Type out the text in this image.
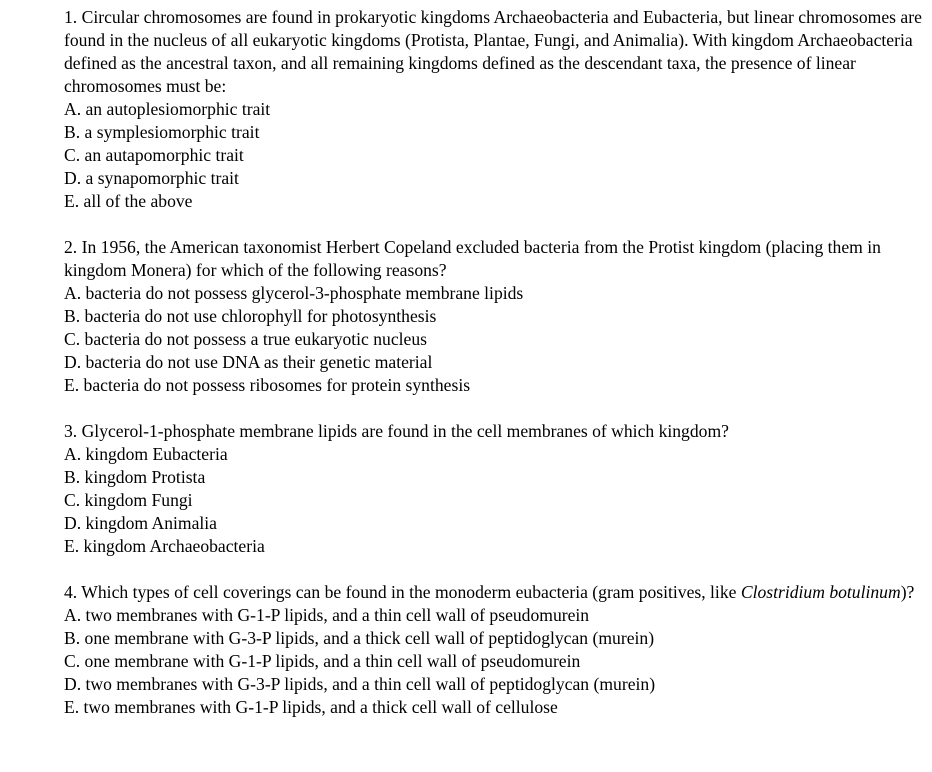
1. Circular chromosomes are found in prokaryotic kingdoms Archaeobacteria and Eubacteria, but linear chromosomes are found in the nucleus of all eukaryotic kingdoms (Protista, Plantae, Fungi, and Animalia). With kingdom Archaeobacteria defined as the ancestral taxon, and all remaining kingdoms defined as the descendant taxa, the presence of linear chromosomes must be:

A. an autoplesiomorphic trait
B. a symplesiomorphic trait
C. an autapomorphic trait
D. a synapomorphic trait
E. all of the above

2. In 1956, the American taxonomist Herbert Copeland excluded bacteria from the Protist kingdom (placing them in kingdom Monera) for which of the following reasons?

A. bacteria do not possess glycerol-3-phosphate membrane lipids
B. bacteria do not use chlorophyll for photosynthesis
C. bacteria do not possess a true eukaryotic nucleus
D. bacteria do not use DNA as their genetic material
E. bacteria do not possess ribosomes for protein synthesis

3. Glycerol-1-phosphate membrane lipids are found in the cell membranes of which kingdom?

A. kingdom Eubacteria
B. kingdom Protista
C. kingdom Fungi
D. kingdom Animalia
E. kingdom Archaeobacteria

4. Which types of cell coverings can be found in the monoderm eubacteria (gram positives, like Clostridium botulinum)?

A. two membranes with G-1-P lipids, and a thin cell wall of pseudomurein
B. one membrane with G-3-P lipids, and a thick cell wall of peptidoglycan (murein)
C. one membrane with G-1-P lipids, and a thin cell wall of pseudomurein
D. two membranes with G-3-P lipids, and a thin cell wall of peptidoglycan (murein)
E. two membranes with G-1-P lipids, and a thick cell wall of cellulose
